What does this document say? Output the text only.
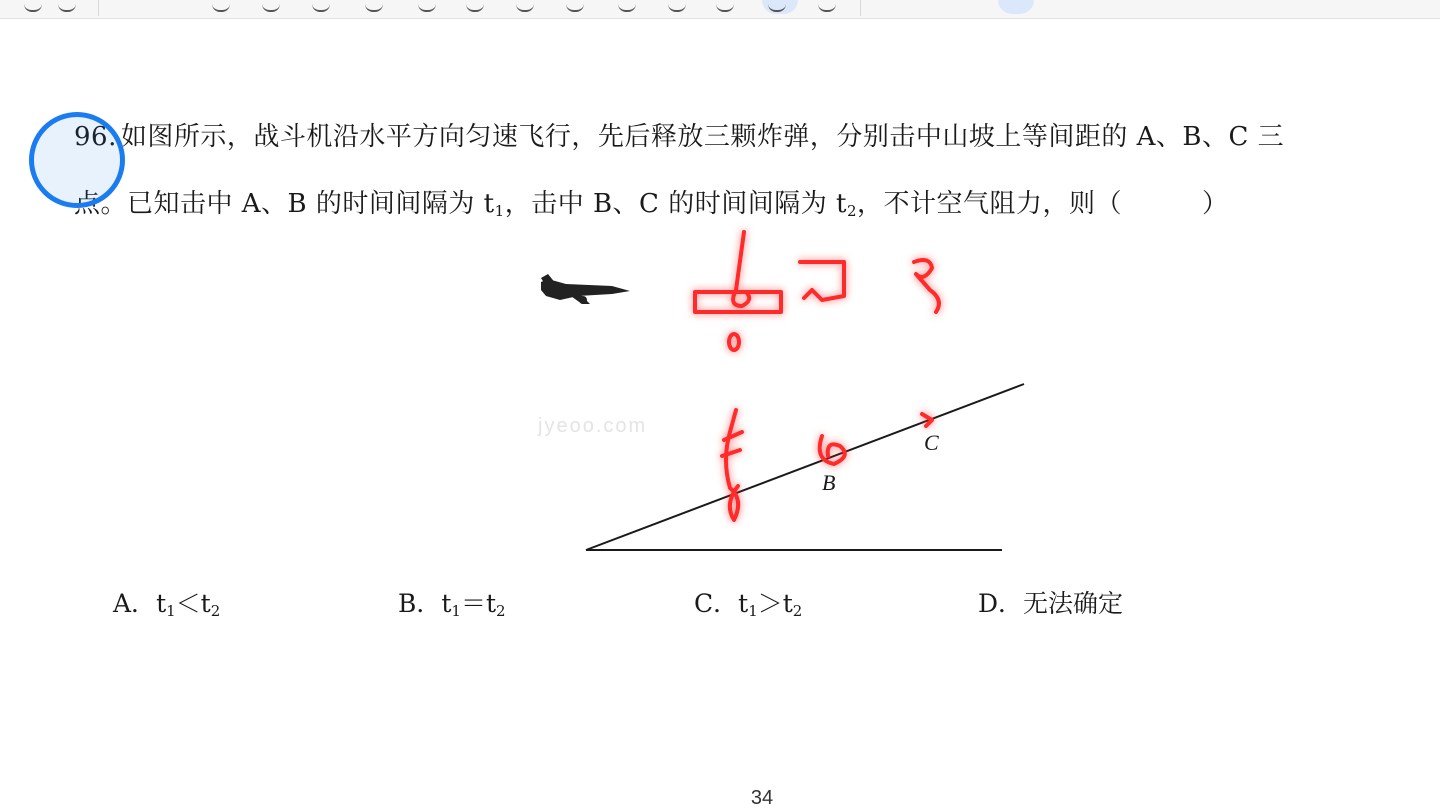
96. 如图所示，战斗机沿水平方向匀速飞行，先后释放三颗炸弹，分别击中山坡上等间距的 A、B、C 三
点。已知击中 A、B 的时间间隔为 $t_1$，击中 B、C 的时间间隔为 $t_2$，不计空气阻力，则（	）
jyeoo.com
B
C
A．$t_1<t_2$	B．$t_1=t_2$	C．$t_1>t_2$	D．无法确定
34
